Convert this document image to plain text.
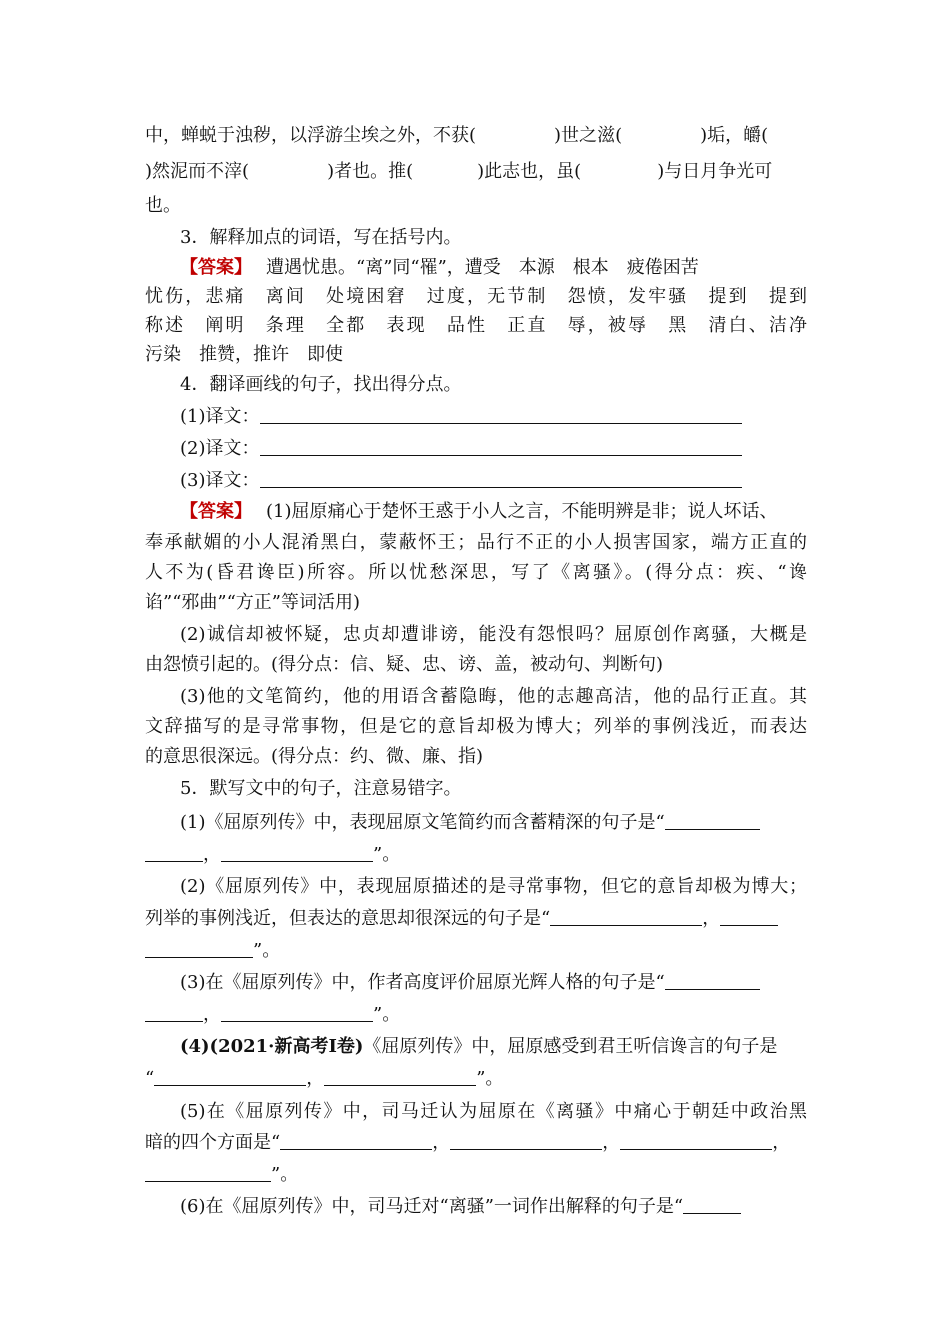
中，蝉蜕于浊秽，以浮游尘埃之外，不获(	)世之滋(	)垢，皭(
)然泥而不滓(	)者也。推(	)此志也，虽(	)与日月争光可
也。
3．解释加点的词语，写在括号内。
【答案】 遭遇忧患。“离”同“罹”，遭受　本源　根本　疲倦困苦
忧伤，悲痛　离间　处境困窘　过度，无节制　怨愤，发牢骚　提到　提到
称述　阐明　条理　全都　表现　品性　正直　辱，被辱　黑　清白、洁净
污染　推赞，推许　即使
4．翻译画线的句子，找出得分点。
(1)译文：
(2)译文：
(3)译文：
【答案】 (1)屈原痛心于楚怀王惑于小人之言，不能明辨是非；说人坏话、
奉承献媚的小人混淆黑白，蒙蔽怀王；品行不正的小人损害国家，端方正直的
人不为(昏君谗臣)所容。所以忧愁深思，写了《离骚》。(得分点：疾、“谗
谄”“邪曲”“方正”等词活用)
(2)诚信却被怀疑，忠贞却遭诽谤，能没有怨恨吗？屈原创作离骚，大概是
由怨愤引起的。(得分点：信、疑、忠、谤、盖，被动句、判断句)
(3)他的文笔简约，他的用语含蓄隐晦，他的志趣高洁，他的品行正直。其
文辞描写的是寻常事物，但是它的意旨却极为博大；列举的事例浅近，而表达
的意思很深远。(得分点：约、微、廉、指)
5．默写文中的句子，注意易错字。
(1)《屈原列传》中，表现屈原文笔简约而含蓄精深的句子是“
，	”。
(2)《屈原列传》中，表现屈原描述的是寻常事物，但它的意旨却极为博大；
列举的事例浅近，但表达的意思却很深远的句子是“	，
”。
(3)在《屈原列传》中，作者高度评价屈原光辉人格的句子是“
，	”。
(4)(2021·新高考Ⅰ卷)《屈原列传》中，屈原感受到君王听信谗言的句子是
“	，	”。
(5)在《屈原列传》中，司马迁认为屈原在《离骚》中痛心于朝廷中政治黑
暗的四个方面是“	，	，	，
”。
(6)在《屈原列传》中，司马迁对“离骚”一词作出解释的句子是“
